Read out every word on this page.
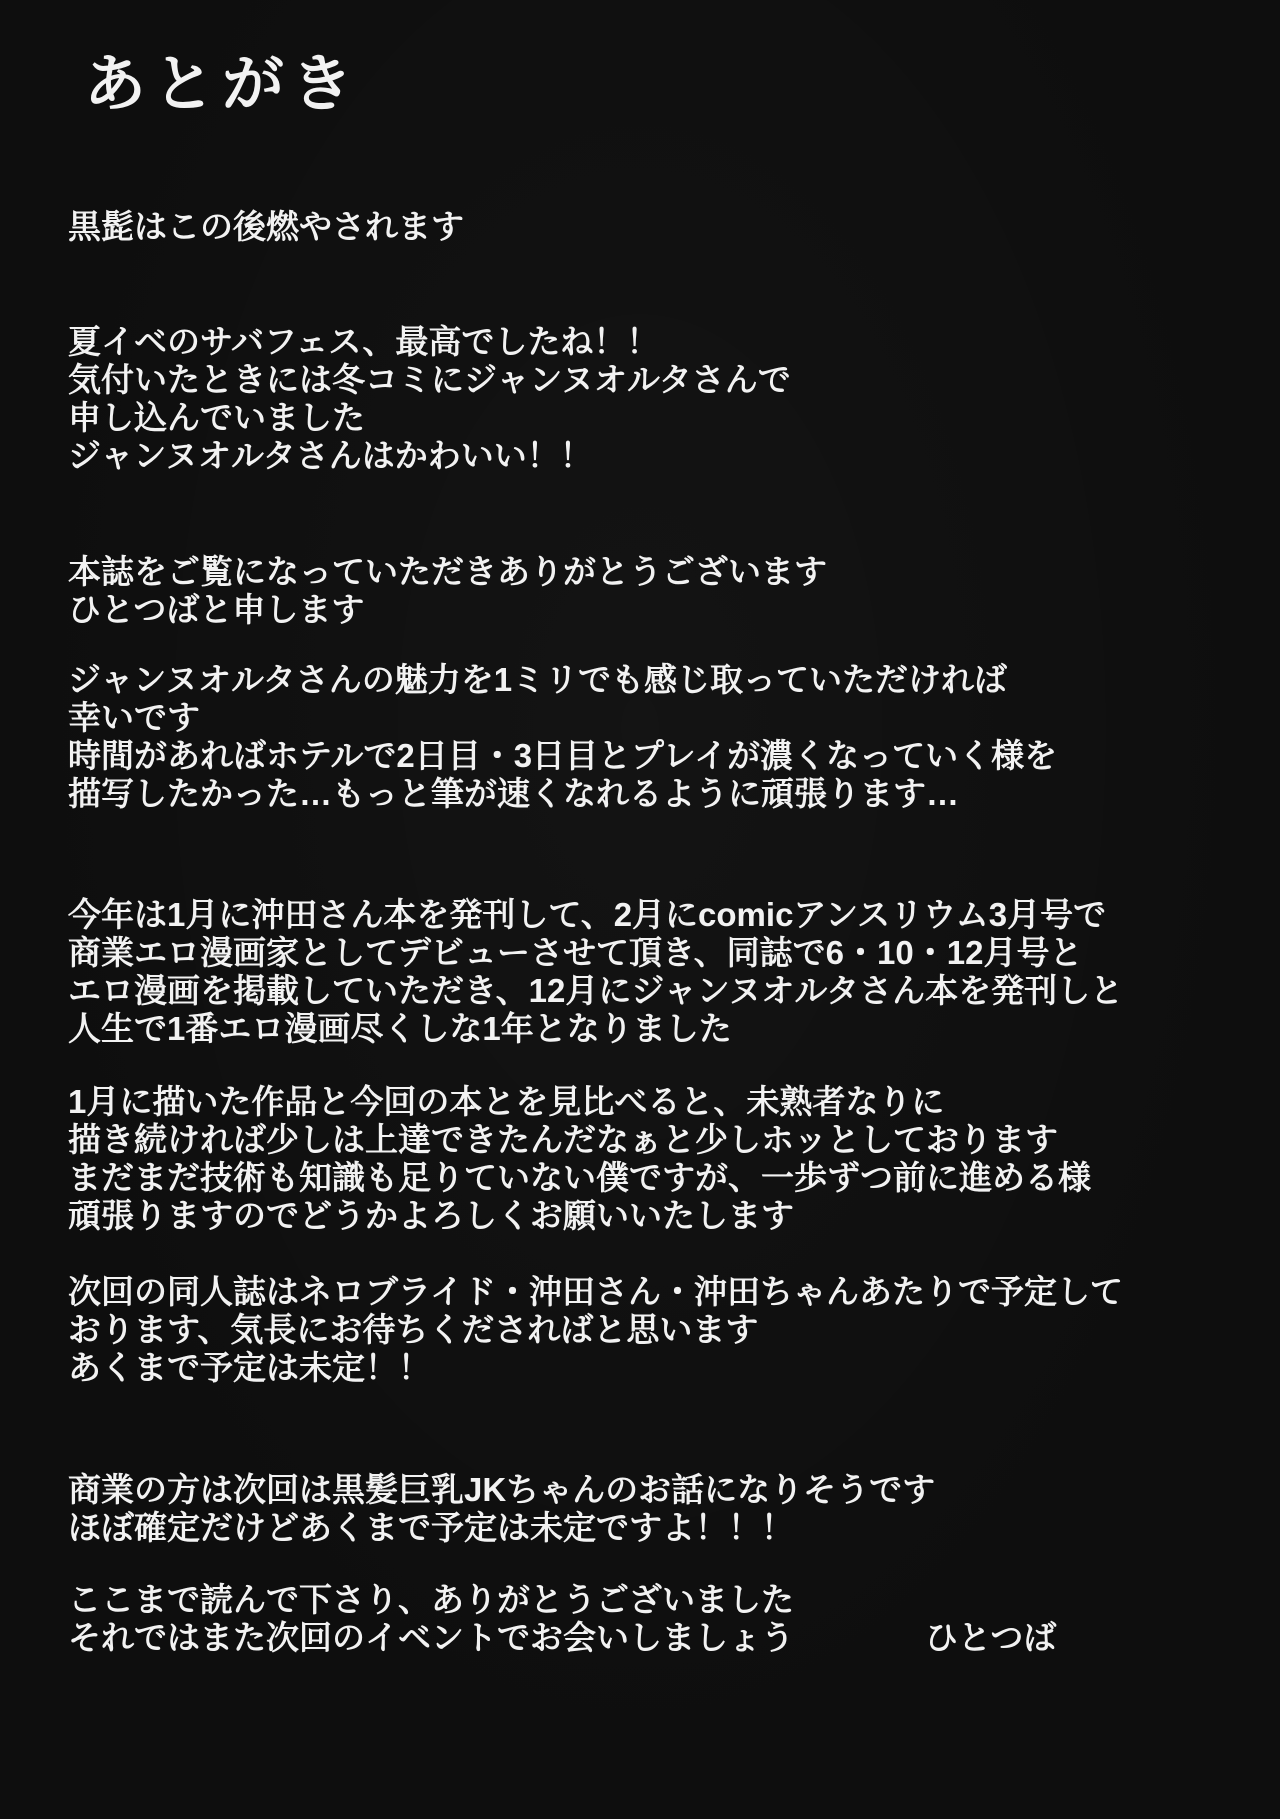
あとがき

黒髭はこの後燃やされます

夏イベのサバフェス、最高でしたね！！

気付いたときには冬コミにジャンヌオルタさんで

申し込んでいました

ジャンヌオルタさんはかわいい！！

本誌をご覧になっていただきありがとうございます

ひとつばと申します

ジャンヌオルタさんの魅力を1ミリでも感じ取っていただければ

幸いです

時間があればホテルで2日目・3日目とプレイが濃くなっていく様を

描写したかった…もっと筆が速くなれるように頑張ります…

今年は1月に沖田さん本を発刊して、2月にcomicアンスリウム3月号で

商業エロ漫画家としてデビューさせて頂き、同誌で6・10・12月号と

エロ漫画を掲載していただき、12月にジャンヌオルタさん本を発刊しと

人生で1番エロ漫画尽くしな1年となりました

1月に描いた作品と今回の本とを見比べると、未熟者なりに

描き続ければ少しは上達できたんだなぁと少しホッとしております

まだまだ技術も知識も足りていない僕ですが、一歩ずつ前に進める様

頑張りますのでどうかよろしくお願いいたします

次回の同人誌はネロブライド・沖田さん・沖田ちゃんあたりで予定して

おります、気長にお待ちくださればと思います

あくまで予定は未定！！

商業の方は次回は黒髪巨乳JKちゃんのお話になりそうです

ほぼ確定だけどあくまで予定は未定ですよ！！！

ここまで読んで下さり、ありがとうございました

それではまた次回のイベントでお会いしましょう	ひとつば
